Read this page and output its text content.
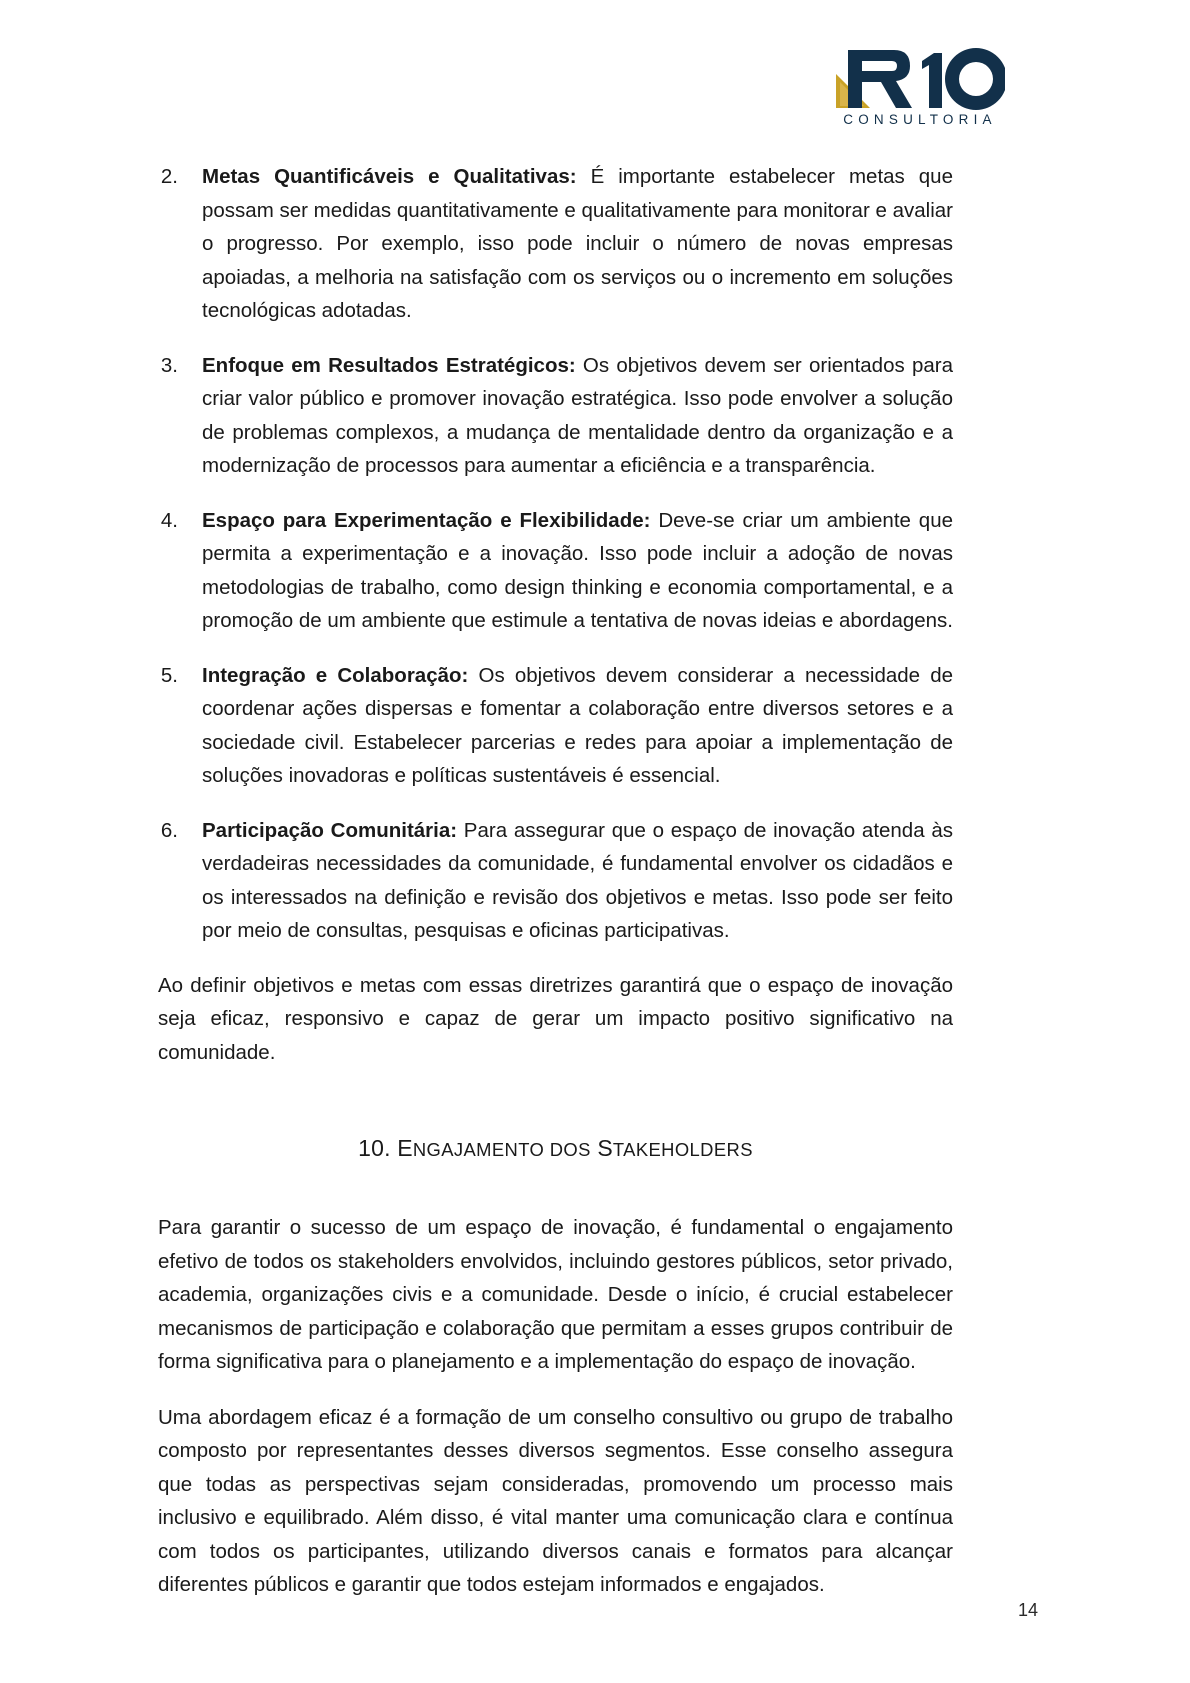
CONSULTORIA
2.	Metas Quantificáveis e Qualitativas: É importante estabelecer metas que possam ser medidas quantitativamente e qualitativamente para monitorar e avaliar o progresso. Por exemplo, isso pode incluir o número de novas empresas apoiadas, a melhoria na satisfação com os serviços ou o incremento em soluções tecnológicas adotadas.
3.	Enfoque em Resultados Estratégicos: Os objetivos devem ser orientados para criar valor público e promover inovação estratégica. Isso pode envolver a solução de problemas complexos, a mudança de mentalidade dentro da organização e a modernização de processos para aumentar a eficiência e a transparência.
4.	Espaço para Experimentação e Flexibilidade: Deve-se criar um ambiente que permita a experimentação e a inovação. Isso pode incluir a adoção de novas metodologias de trabalho, como design thinking e economia comportamental, e a promoção de um ambiente que estimule a tentativa de novas ideias e abordagens.
5.	Integração e Colaboração: Os objetivos devem considerar a necessidade de coordenar ações dispersas e fomentar a colaboração entre diversos setores e a sociedade civil. Estabelecer parcerias e redes para apoiar a implementação de soluções inovadoras e políticas sustentáveis é essencial.
6.	Participação Comunitária: Para assegurar que o espaço de inovação atenda às verdadeiras necessidades da comunidade, é fundamental envolver os cidadãos e os interessados na definição e revisão dos objetivos e metas. Isso pode ser feito por meio de consultas, pesquisas e oficinas participativas.

Ao definir objetivos e metas com essas diretrizes garantirá que o espaço de inovação seja eficaz, responsivo e capaz de gerar um impacto positivo significativo na comunidade.

10. ENGAJAMENTO DOS STAKEHOLDERS

Para garantir o sucesso de um espaço de inovação, é fundamental o engajamento efetivo de todos os stakeholders envolvidos, incluindo gestores públicos, setor privado, academia, organizações civis e a comunidade. Desde o início, é crucial estabelecer mecanismos de participação e colaboração que permitam a esses grupos contribuir de forma significativa para o planejamento e a implementação do espaço de inovação.

Uma abordagem eficaz é a formação de um conselho consultivo ou grupo de trabalho composto por representantes desses diversos segmentos. Esse conselho assegura que todas as perspectivas sejam consideradas, promovendo um processo mais inclusivo e equilibrado. Além disso, é vital manter uma comunicação clara e contínua com todos os participantes, utilizando diversos canais e formatos para alcançar diferentes públicos e garantir que todos estejam informados e engajados.

14
